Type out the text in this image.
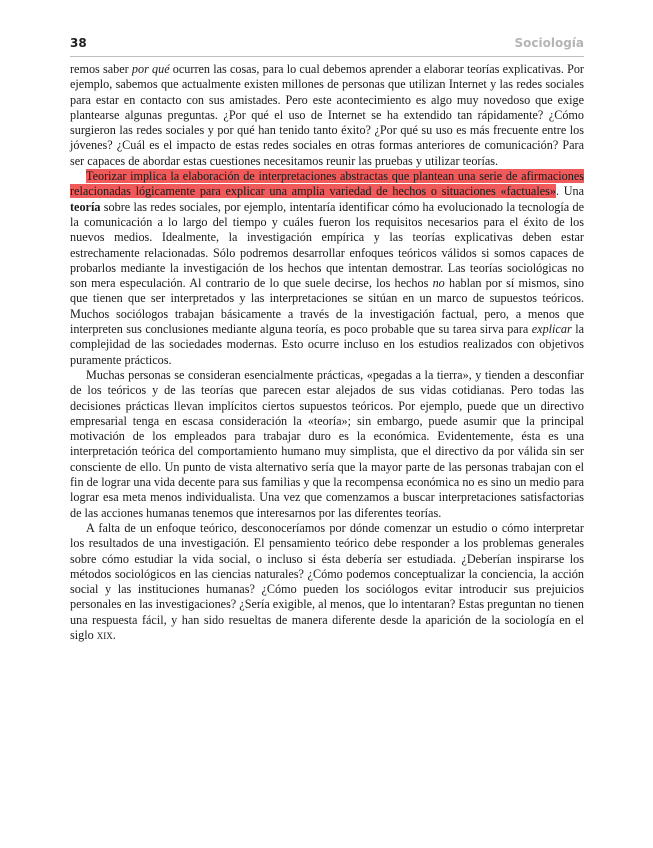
38	Sociología

remos saber por qué ocurren las cosas, para lo cual debemos aprender a elaborar teorías explicativas. Por ejemplo, sabemos que actualmente existen millones de personas que utilizan Internet y las redes sociales para estar en contacto con sus amistades. Pero este acontecimiento es algo muy novedoso que exige plantearse algunas preguntas. ¿Por qué el uso de Internet se ha extendido tan rápidamente? ¿Cómo surgieron las redes sociales y por qué han tenido tanto éxito? ¿Por qué su uso es más frecuente entre los jóvenes? ¿Cuál es el impacto de estas redes sociales en otras formas anteriores de comunicación? Para ser capaces de abordar estas cuestiones necesitamos reunir las pruebas y utilizar teorías.

Teorizar implica la elaboración de interpretaciones abstractas que plantean una serie de afirmaciones relacionadas lógicamente para explicar una amplia variedad de hechos o situaciones «factuales». Una teoría sobre las redes sociales, por ejemplo, intentaría identificar cómo ha evolucionado la tecnología de la comunicación a lo largo del tiempo y cuáles fueron los requisitos necesarios para el éxito de los nuevos medios. Idealmente, la investigación empírica y las teorías explicativas deben estar estrechamente relacionadas. Sólo podremos desarrollar enfoques teóricos válidos si somos capaces de probarlos mediante la investigación de los hechos que intentan demostrar. Las teorías sociológicas no son mera especulación. Al contrario de lo que suele decirse, los hechos no hablan por sí mismos, sino que tienen que ser interpretados y las interpretaciones se sitúan en un marco de supuestos teóricos. Muchos sociólogos trabajan básicamente a través de la investigación factual, pero, a menos que interpreten sus conclusiones mediante alguna teoría, es poco probable que su tarea sirva para explicar la complejidad de las sociedades modernas. Esto ocurre incluso en los estudios realizados con objetivos puramente prácticos.

Muchas personas se consideran esencialmente prácticas, «pegadas a la tierra», y tienden a desconfiar de los teóricos y de las teorías que parecen estar alejados de sus vidas cotidianas. Pero todas las decisiones prácticas llevan implícitos ciertos supuestos teóricos. Por ejemplo, puede que un directivo empresarial tenga en escasa consideración la «teoría»; sin embargo, puede asumir que la principal motivación de los empleados para trabajar duro es la económica. Evidentemente, ésta es una interpretación teórica del comportamiento humano muy simplista, que el directivo da por válida sin ser consciente de ello. Un punto de vista alternativo sería que la mayor parte de las personas trabajan con el fin de lograr una vida decente para sus familias y que la recompensa económica no es sino un medio para lograr esa meta menos individualista. Una vez que comenzamos a buscar interpretaciones satisfactorias de las acciones humanas tenemos que interesarnos por las diferentes teorías.

A falta de un enfoque teórico, desconoceríamos por dónde comenzar un estudio o cómo interpretar los resultados de una investigación. El pensamiento teórico debe responder a los problemas generales sobre cómo estudiar la vida social, o incluso si ésta debería ser estudiada. ¿Deberían inspirarse los métodos sociológicos en las ciencias naturales? ¿Cómo podemos conceptualizar la conciencia, la acción social y las instituciones humanas? ¿Cómo pueden los sociólogos evitar introducir sus prejuicios personales en las investigaciones? ¿Sería exigible, al menos, que lo intentaran? Estas preguntan no tienen una respuesta fácil, y han sido resueltas de manera diferente desde la aparición de la sociología en el siglo xix.
